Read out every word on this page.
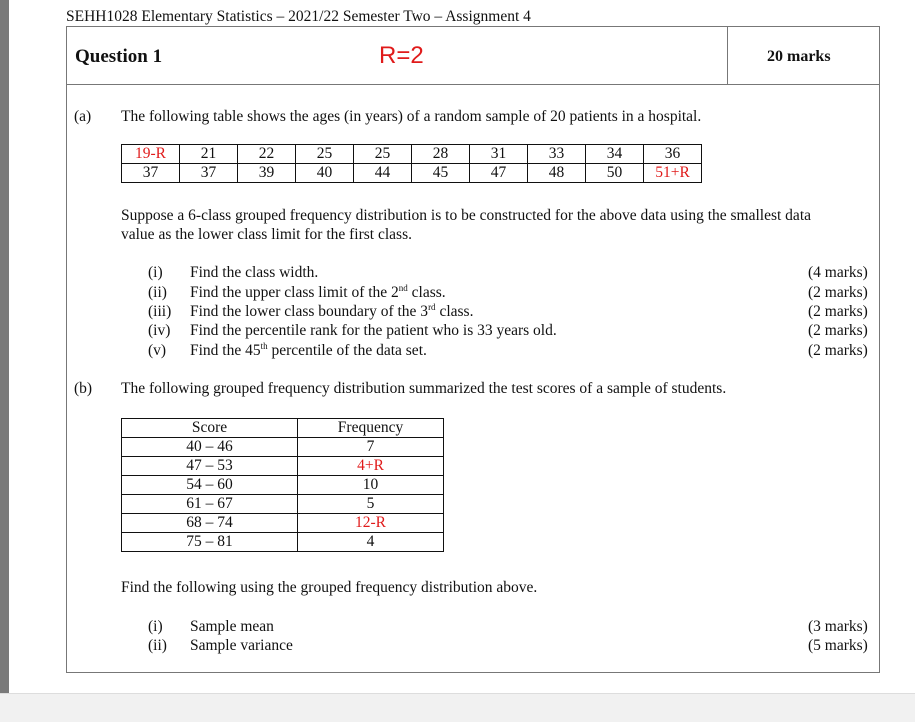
SEHH1028 Elementary Statistics – 2021/22 Semester Two – Assignment 4
Question 1	R=2	20 marks
(a) The following table shows the ages (in years) of a random sample of 20 patients in a hospital.
19-R	21	22	25	25	28	31	33	34	36
37	37	39	40	44	45	47	48	50	51+R
Suppose a 6-class grouped frequency distribution is to be constructed for the above data using the smallest data
value as the lower class limit for the first class.
(i) Find the class width.	(4 marks)
(ii) Find the upper class limit of the 2nd class.	(2 marks)
(iii) Find the lower class boundary of the 3rd class.	(2 marks)
(iv) Find the percentile rank for the patient who is 33 years old.	(2 marks)
(v) Find the 45th percentile of the data set.	(2 marks)
(b) The following grouped frequency distribution summarized the test scores of a sample of students.
Score	Frequency
40 – 46	7
47 – 53	4+R
54 – 60	10
61 – 67	5
68 – 74	12-R
75 – 81	4
Find the following using the grouped frequency distribution above.
(i) Sample mean	(3 marks)
(ii) Sample variance	(5 marks)
